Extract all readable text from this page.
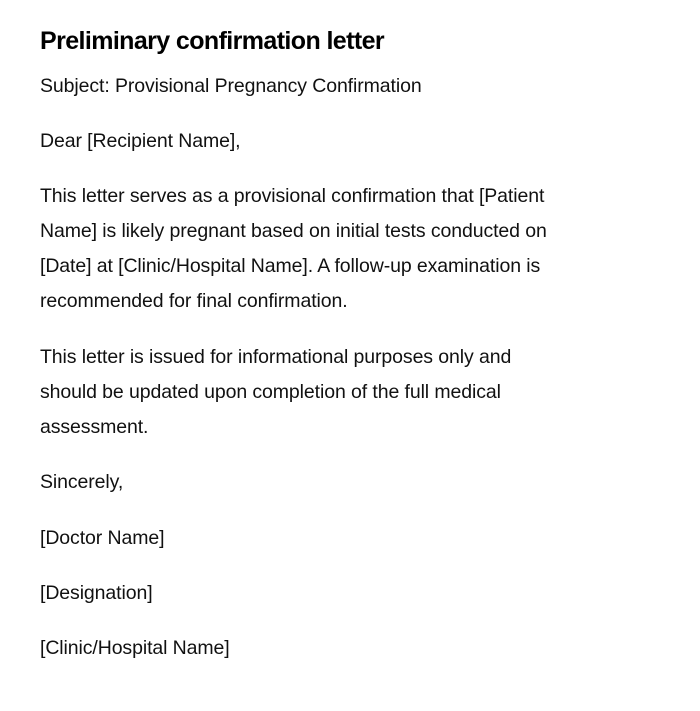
Preliminary confirmation letter

Subject: Provisional Pregnancy Confirmation

Dear [Recipient Name],

This letter serves as a provisional confirmation that [Patient
Name] is likely pregnant based on initial tests conducted on
[Date] at [Clinic/Hospital Name]. A follow-up examination is
recommended for final confirmation.

This letter is issued for informational purposes only and
should be updated upon completion of the full medical
assessment.

Sincerely,

[Doctor Name]

[Designation]

[Clinic/Hospital Name]
